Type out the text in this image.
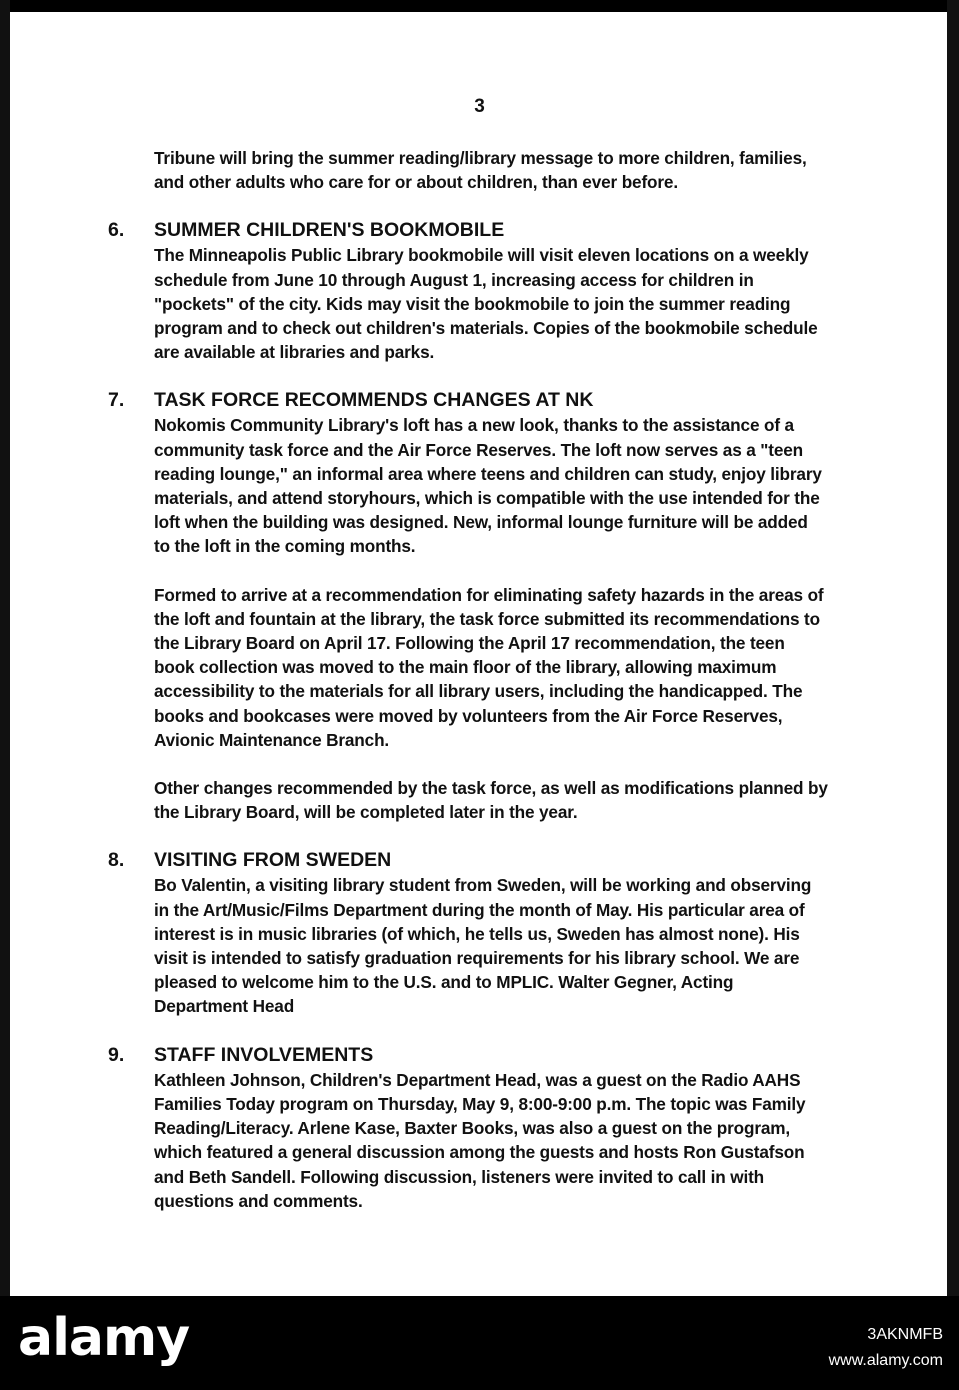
3

Tribune will bring the summer reading/library message to more children, families, and other adults who care for or about children, than ever before.

6.	SUMMER CHILDREN'S BOOKMOBILE

The Minneapolis Public Library bookmobile will visit eleven locations on a weekly schedule from June 10 through August 1, increasing access for children in "pockets" of the city. Kids may visit the bookmobile to join the summer reading program and to check out children's materials. Copies of the bookmobile schedule are available at libraries and parks.

7.	TASK FORCE RECOMMENDS CHANGES AT NK

Nokomis Community Library's loft has a new look, thanks to the assistance of a community task force and the Air Force Reserves. The loft now serves as a "teen reading lounge," an informal area where teens and children can study, enjoy library materials, and attend storyhours, which is compatible with the use intended for the loft when the building was designed. New, informal lounge furniture will be added to the loft in the coming months.

Formed to arrive at a recommendation for eliminating safety hazards in the areas of the loft and fountain at the library, the task force submitted its recommendations to the Library Board on April 17. Following the April 17 recommendation, the teen book collection was moved to the main floor of the library, allowing maximum accessibility to the materials for all library users, including the handicapped. The books and bookcases were moved by volunteers from the Air Force Reserves, Avionic Maintenance Branch.

Other changes recommended by the task force, as well as modifications planned by the Library Board, will be completed later in the year.

8.	VISITING FROM SWEDEN

Bo Valentin, a visiting library student from Sweden, will be working and observing in the Art/Music/Films Department during the month of May. His particular area of interest is in music libraries (of which, he tells us, Sweden has almost none). His visit is intended to satisfy graduation requirements for his library school. We are pleased to welcome him to the U.S. and to MPLIC. Walter Gegner, Acting Department Head

9.	STAFF INVOLVEMENTS

Kathleen Johnson, Children's Department Head, was a guest on the Radio AAHS Families Today program on Thursday, May 9, 8:00-9:00 p.m. The topic was Family Reading/Literacy. Arlene Kase, Baxter Books, was also a guest on the program, which featured a general discussion among the guests and hosts Ron Gustafson and Beth Sandell. Following discussion, listeners were invited to call in with questions and comments.

alamy	3AKNMFB
www.alamy.com
